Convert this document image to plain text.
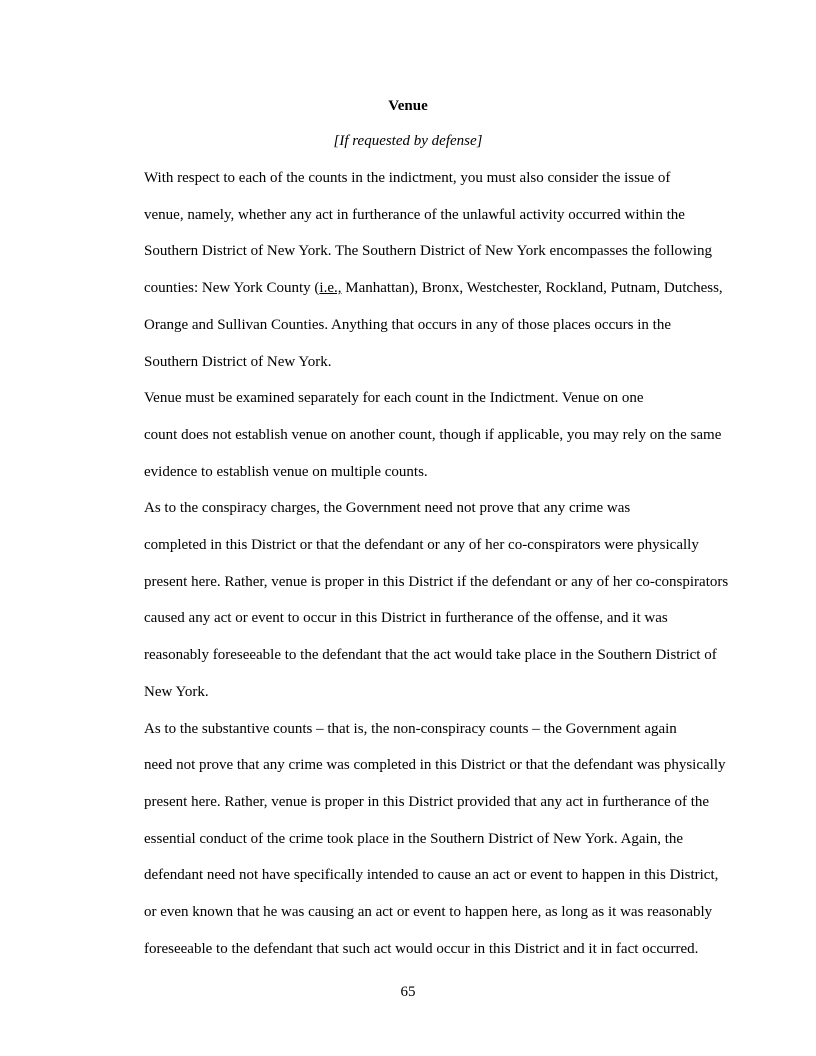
Venue
[If requested by defense]

With respect to each of the counts in the indictment, you must also consider the issue of
venue, namely, whether any act in furtherance of the unlawful activity occurred within the
Southern District of New York. The Southern District of New York encompasses the following
counties: New York County (i.e., Manhattan), Bronx, Westchester, Rockland, Putnam, Dutchess,
Orange and Sullivan Counties. Anything that occurs in any of those places occurs in the
Southern District of New York.

Venue must be examined separately for each count in the Indictment. Venue on one
count does not establish venue on another count, though if applicable, you may rely on the same
evidence to establish venue on multiple counts.

As to the conspiracy charges, the Government need not prove that any crime was
completed in this District or that the defendant or any of her co-conspirators were physically
present here. Rather, venue is proper in this District if the defendant or any of her co-conspirators
caused any act or event to occur in this District in furtherance of the offense, and it was
reasonably foreseeable to the defendant that the act would take place in the Southern District of
New York.

As to the substantive counts – that is, the non-conspiracy counts – the Government again
need not prove that any crime was completed in this District or that the defendant was physically
present here. Rather, venue is proper in this District provided that any act in furtherance of the
essential conduct of the crime took place in the Southern District of New York. Again, the
defendant need not have specifically intended to cause an act or event to happen in this District,
or even known that he was causing an act or event to happen here, as long as it was reasonably
foreseeable to the defendant that such act would occur in this District and it in fact occurred.

65
